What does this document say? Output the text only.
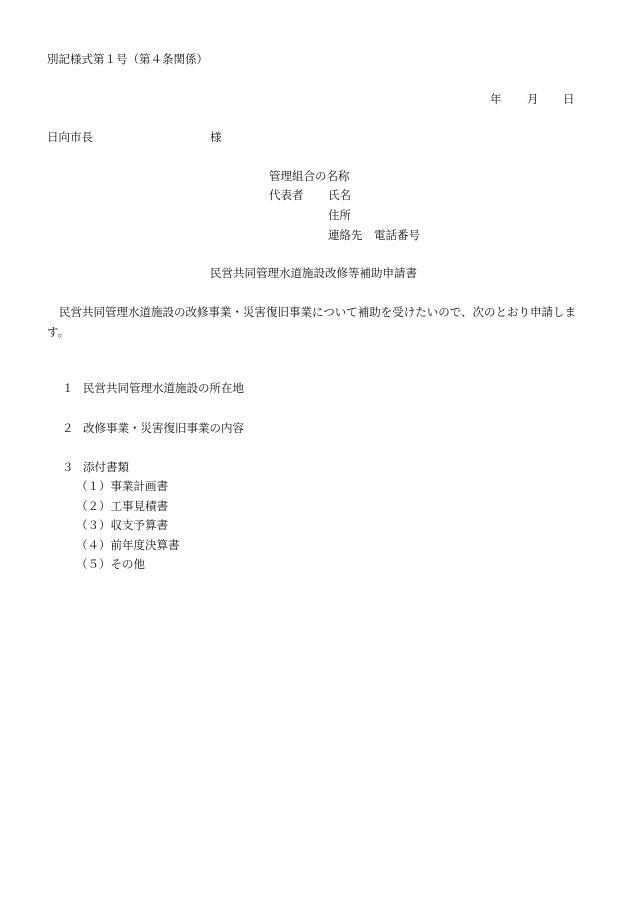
別記様式第１号（第４条関係）
年 月 日
日向市長	様
管理組合の名称
代表者 氏名
住所
連絡先 電話番号
民営共同管理水道施設改修等補助申請書
民営共同管理水道施設の改修事業・災害復旧事業について補助を受けたいので、次のとおり申請します。
１ 民営共同管理水道施設の所在地
２ 改修事業・災害復旧事業の内容
３ 添付書類
（１）事業計画書
（２）工事見積書
（３）収支予算書
（４）前年度決算書
（５）その他
